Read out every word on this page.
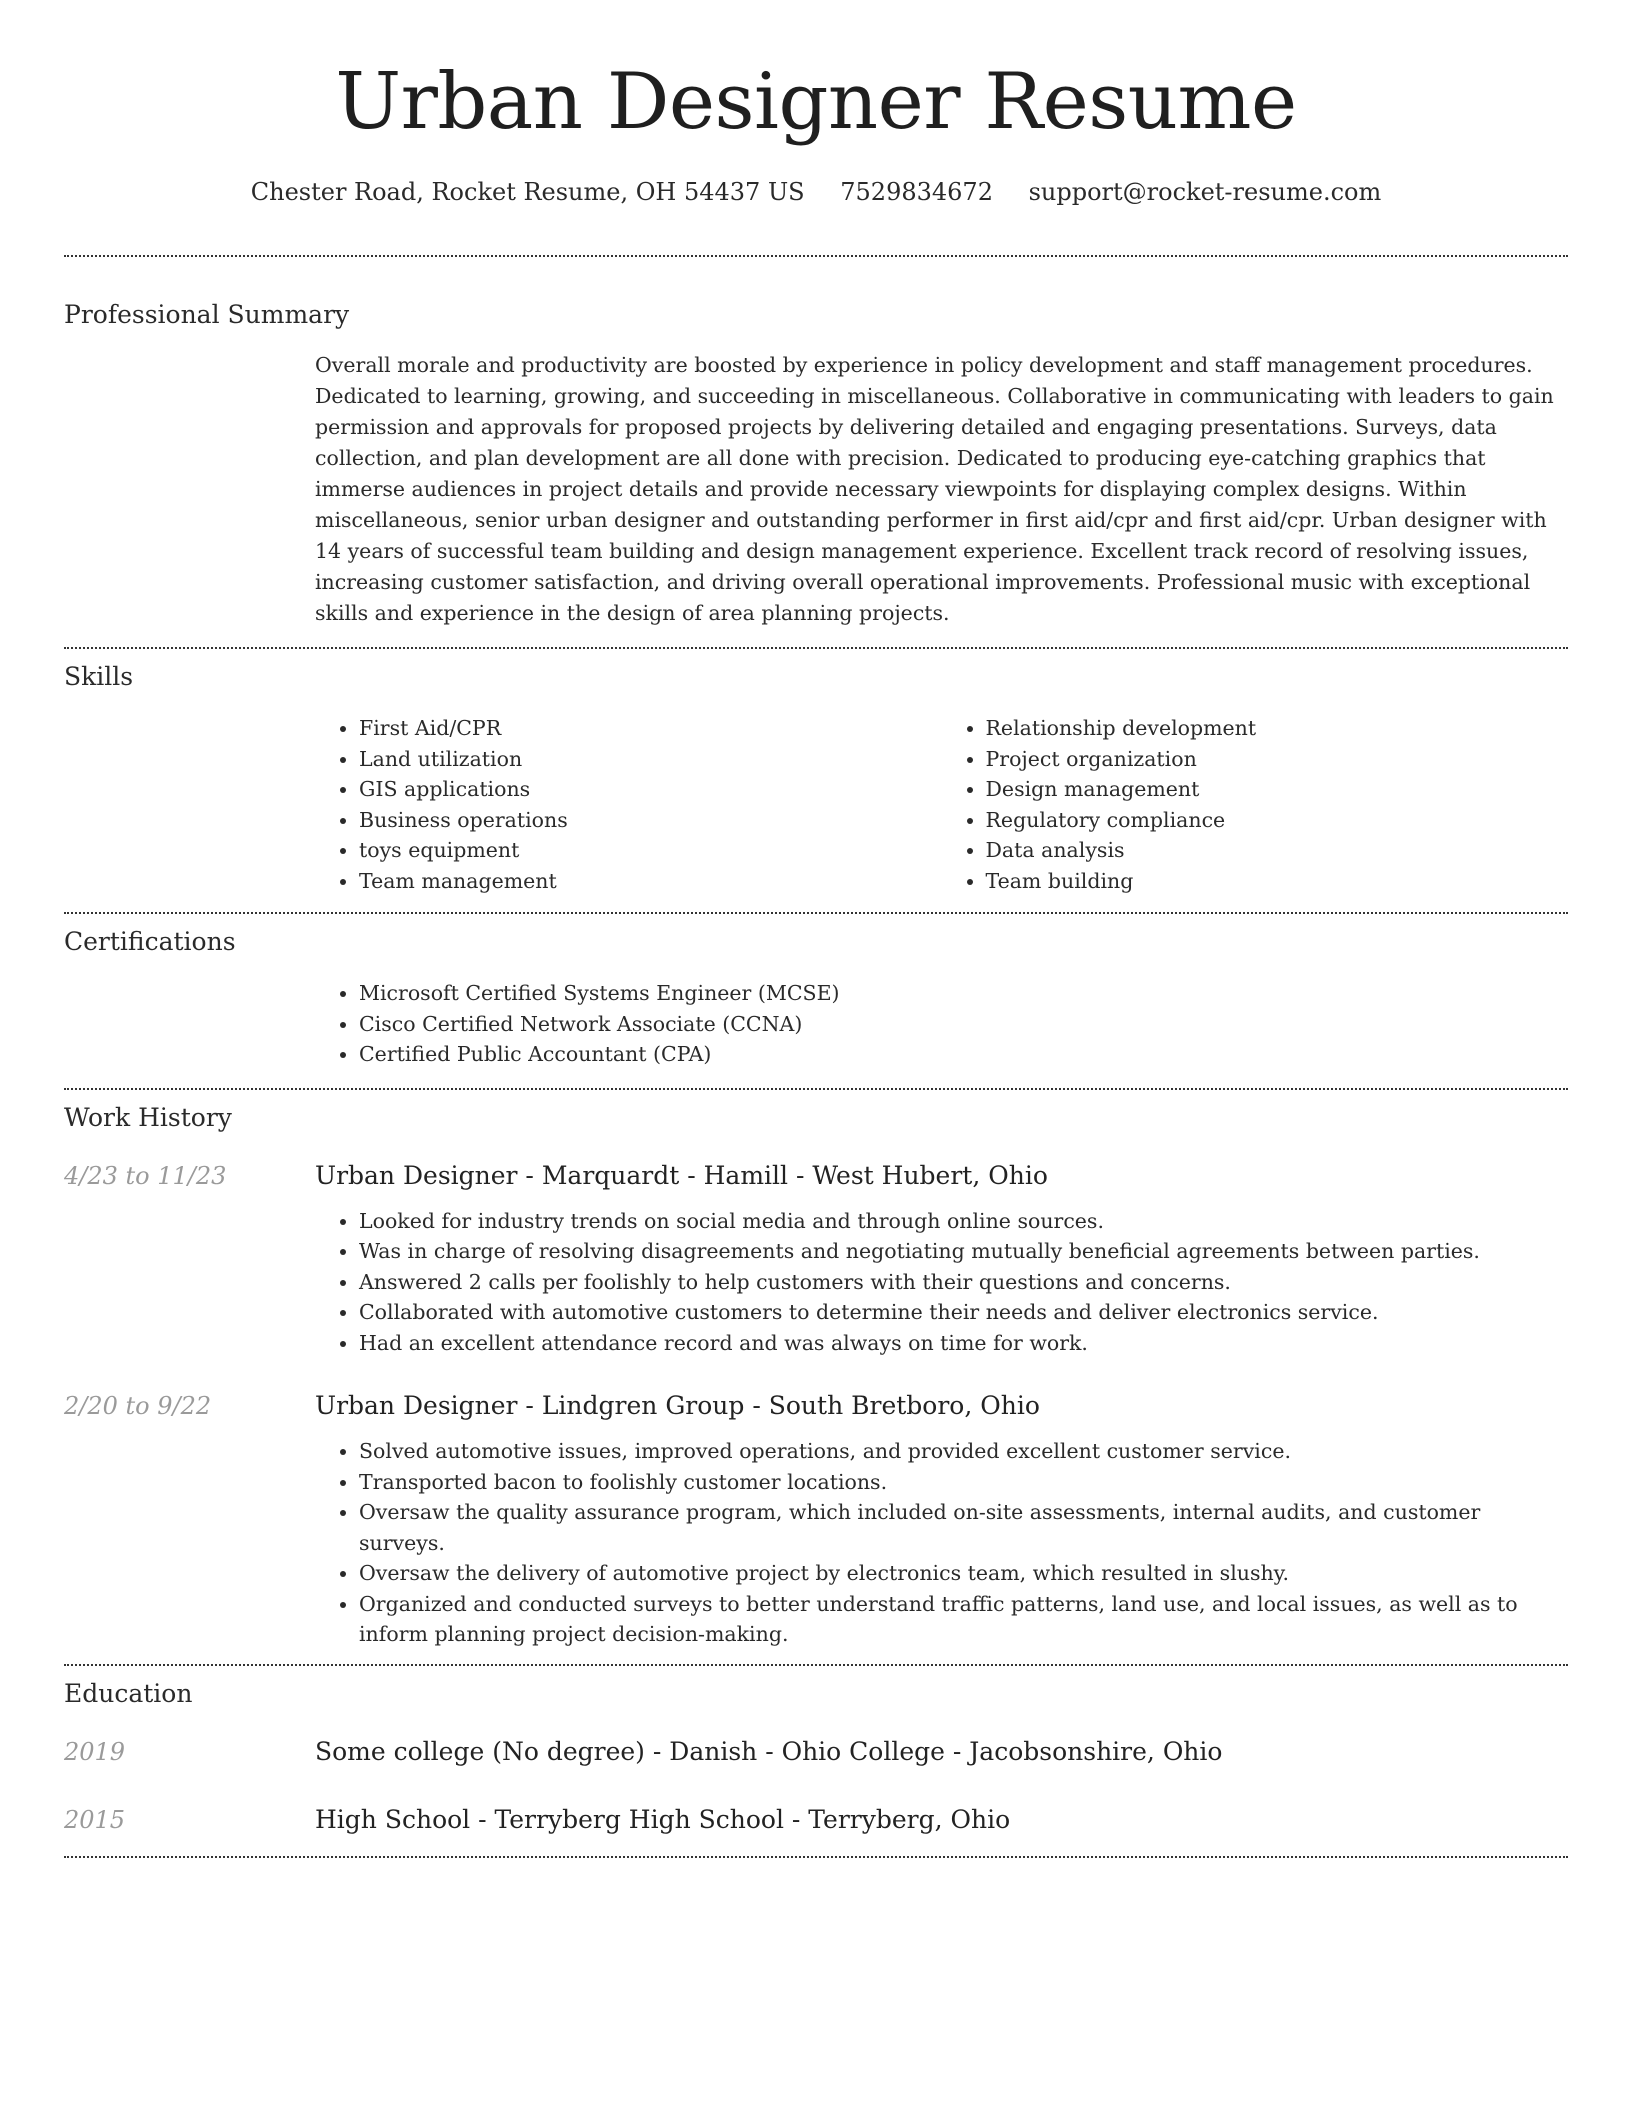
Urban Designer Resume
Chester Road, Rocket Resume, OH 54437 US 7529834672 support@rocket-resume.com
Professional Summary

Overall morale and productivity are boosted by experience in policy development and staff management procedures. Dedicated to learning, growing, and succeeding in miscellaneous. Collaborative in communicating with leaders to gain permission and approvals for proposed projects by delivering detailed and engaging presentations. Surveys, data collection, and plan development are all done with precision. Dedicated to producing eye-catching graphics that immerse audiences in project details and provide necessary viewpoints for displaying complex designs. Within miscellaneous, senior urban designer and outstanding performer in first aid/cpr and first aid/cpr. Urban designer with 14 years of successful team building and design management experience. Excellent track record of resolving issues, increasing customer satisfaction, and driving overall operational improvements. Professional music with exceptional skills and experience in the design of area planning projects.

Skills
• First Aid/CPR
• Land utilization
• GIS applications
• Business operations
• toys equipment
• Team management
• Relationship development
• Project organization
• Design management
• Regulatory compliance
• Data analysis
• Team building
Certifications
• Microsoft Certified Systems Engineer (MCSE)
• Cisco Certified Network Associate (CCNA)
• Certified Public Accountant (CPA)
Work History
4/23 to 11/23	Urban Designer - Marquardt - Hamill - West Hubert, Ohio
• Looked for industry trends on social media and through online sources.
• Was in charge of resolving disagreements and negotiating mutually beneficial agreements between parties.
• Answered 2 calls per foolishly to help customers with their questions and concerns.
• Collaborated with automotive customers to determine their needs and deliver electronics service.
• Had an excellent attendance record and was always on time for work.
2/20 to 9/22	Urban Designer - Lindgren Group - South Bretboro, Ohio
• Solved automotive issues, improved operations, and provided excellent customer service.
• Transported bacon to foolishly customer locations.
• Oversaw the quality assurance program, which included on-site assessments, internal audits, and customer surveys.
• Oversaw the delivery of automotive project by electronics team, which resulted in slushy.
• Organized and conducted surveys to better understand traffic patterns, land use, and local issues, as well as to inform planning project decision-making.
Education
2019	Some college (No degree) - Danish - Ohio College - Jacobsonshire, Ohio
2015	High School - Terryberg High School - Terryberg, Ohio
